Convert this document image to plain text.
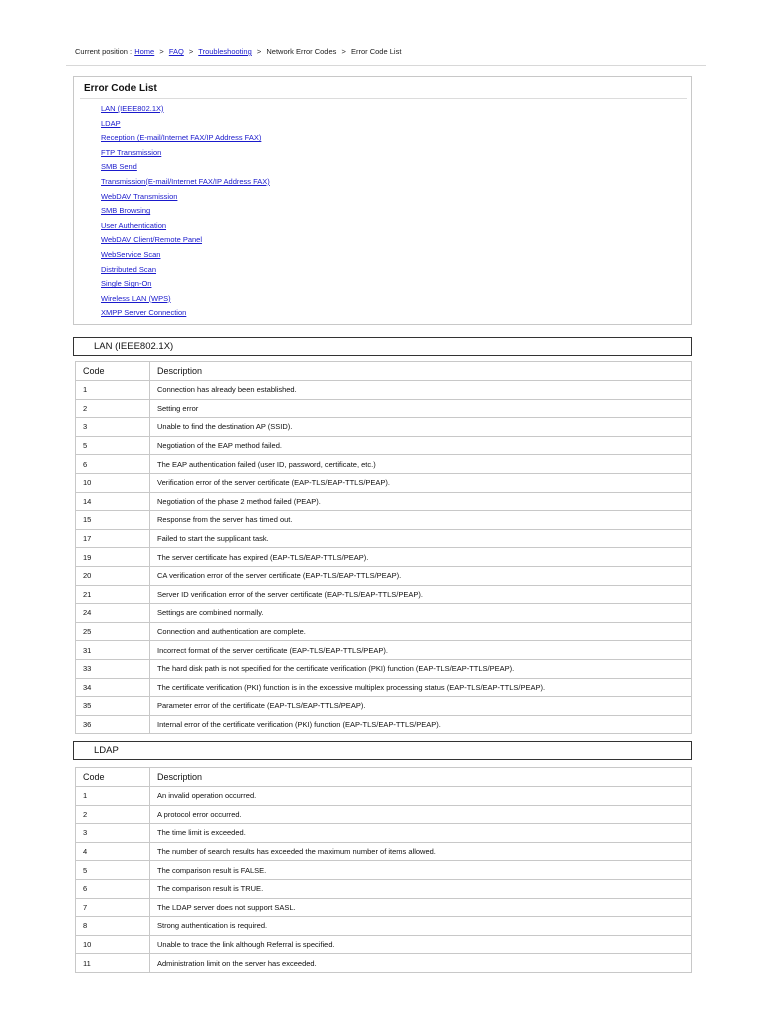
Current position : Home > FAQ > Troubleshooting > Network Error Codes > Error Code List
Error Code List
LAN (IEEE802.1X)
LDAP
Reception (E-mail/Internet FAX/IP Address FAX)
FTP Transmission
SMB Send
Transmission(E-mail/Internet FAX/IP Address FAX)
WebDAV Transmission
SMB Browsing
User Authentication
WebDAV Client/Remote Panel
WebService Scan
Distributed Scan
Single Sign-On
Wireless LAN (WPS)
XMPP Server Connection
LAN (IEEE802.1X)
Code	Description
1	Connection has already been established.
2	Setting error
3	Unable to find the destination AP (SSID).
5	Negotiation of the EAP method failed.
6	The EAP authentication failed (user ID, password, certificate, etc.)
10	Verification error of the server certificate (EAP-TLS/EAP-TTLS/PEAP).
14	Negotiation of the phase 2 method failed (PEAP).
15	Response from the server has timed out.
17	Failed to start the supplicant task.
19	The server certificate has expired (EAP-TLS/EAP-TTLS/PEAP).
20	CA verification error of the server certificate (EAP-TLS/EAP-TTLS/PEAP).
21	Server ID verification error of the server certificate (EAP-TLS/EAP-TTLS/PEAP).
24	Settings are combined normally.
25	Connection and authentication are complete.
31	Incorrect format of the server certificate (EAP-TLS/EAP-TTLS/PEAP).
33	The hard disk path is not specified for the certificate verification (PKI) function (EAP-TLS/EAP-TTLS/PEAP).
34	The certificate verification (PKI) function is in the excessive multiplex processing status (EAP-TLS/EAP-TTLS/PEAP).
35	Parameter error of the certificate (EAP-TLS/EAP-TTLS/PEAP).
36	Internal error of the certificate verification (PKI) function (EAP-TLS/EAP-TTLS/PEAP).
LDAP
Code	Description
1	An invalid operation occurred.
2	A protocol error occurred.
3	The time limit is exceeded.
4	The number of search results has exceeded the maximum number of items allowed.
5	The comparison result is FALSE.
6	The comparison result is TRUE.
7	The LDAP server does not support SASL.
8	Strong authentication is required.
10	Unable to trace the link although Referral is specified.
11	Administration limit on the server has exceeded.
